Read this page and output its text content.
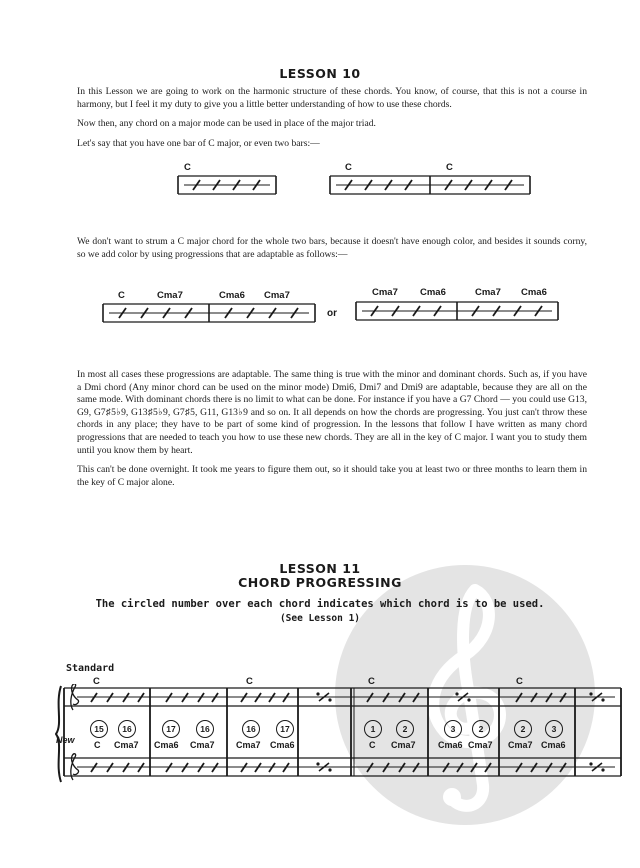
LESSON 10

In this Lesson we are going to work on the harmonic structure of these chords. You know, of course, that this is not a course in harmony, but I feel it my duty to give you a little better understanding of how to use these chords.

Now then, any chord on a major mode can be used in place of the major triad.

Let's say that you have one bar of C major, or even two bars:—

C	C	C

We don't want to strum a C major chord for the whole two bars, because it doesn't have enough color, and besides it sounds corny, so we add color by using progressions that are adaptable as follows:—

C	Cma7	Cma6 Cma7
or
Cma7 Cma6	Cma7 Cma6

In most all cases these progressions are adaptable. The same thing is true with the minor and dominant chords. Such as, if you have a Dmi chord (Any minor chord can be used on the minor mode) Dmi6, Dmi7 and Dmi9 are adaptable, because they are all on the same mode. With dominant chords there is no limit to what can be done. For instance if you have a G7 Chord — you could use G13, G9, G7♯5♭9, G13♯5♭9, G7♯5, G11, G13♭9 and so on. It all depends on how the chords are progressing. You just can't throw these chords in any place; they have to be part of some kind of progression. In the lessons that follow I have written as many chord progressions that are needed to teach you how to use these new chords. They are all in the key of C major. I want you to study them until you know them by heart.

This can't be done overnight. It took me years to figure them out, so it should take you at least two or three months to learn them in the key of C major alone.

LESSON 11
CHORD PROGRESSING
The circled number over each chord indicates which chord is to be used.
(See Lesson 1)
Standard
New
C	C	C	C
15
C
16
Cma7
17
Cma6
16
Cma7
16
Cma7
17
Cma6
1
C
2
Cma7
3
Cma6
2
Cma7
2
Cma7
3
Cma6
